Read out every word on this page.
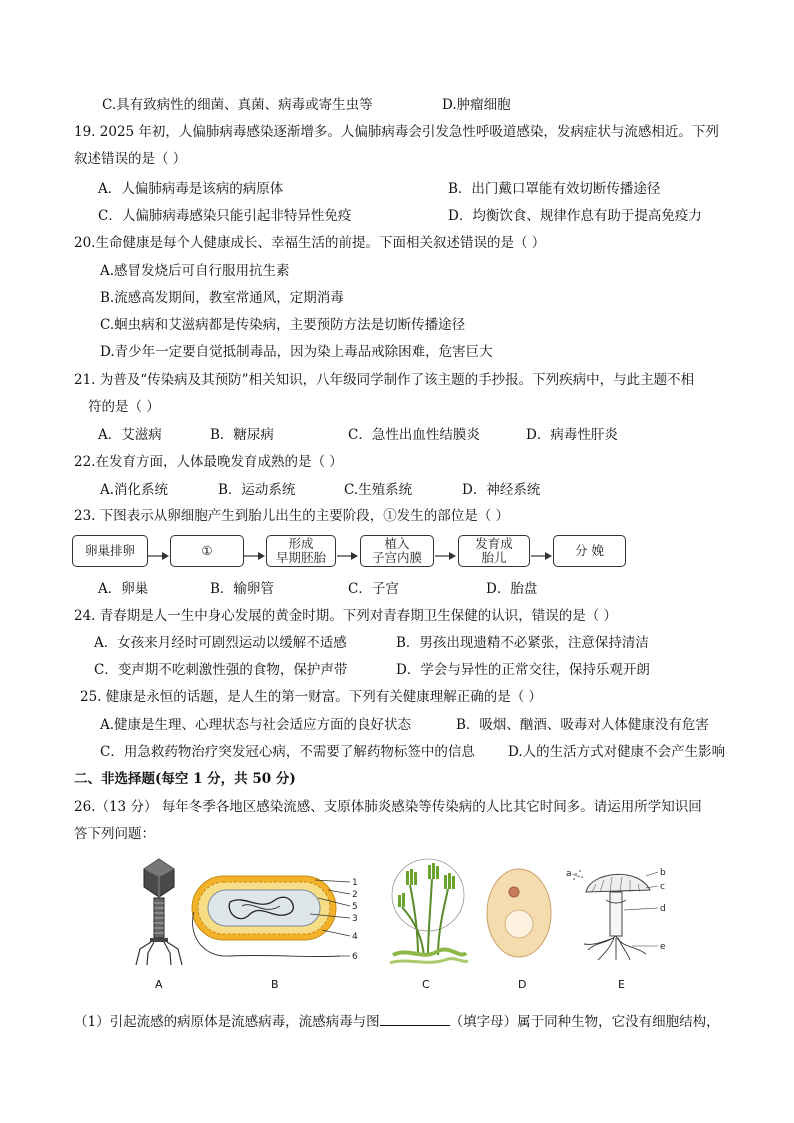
C.具有致病性的细菌、真菌、病毒或寄生虫等	D.肿瘤细胞
19. 2025 年初，人偏肺病毒感染逐渐增多。人偏肺病毒会引发急性呼吸道感染，发病症状与流感相近。下列
叙述错误的是（ ）
A．人偏肺病毒是该病的病原体	B．出门戴口罩能有效切断传播途径
C．人偏肺病毒感染只能引起非特异性免疫	D．均衡饮食、规律作息有助于提高免疫力
20.生命健康是每个人健康成长、幸福生活的前提。下面相关叙述错误的是（ ）
A.感冒发烧后可自行服用抗生素
B.流感高发期间，教室常通风，定期消毒
C.蛔虫病和艾滋病都是传染病，主要预防方法是切断传播途径
D.青少年一定要自觉抵制毒品，因为染上毒品戒除困难，危害巨大
21. 为普及“传染病及其预防”相关知识，八年级同学制作了该主题的手抄报。下列疾病中，与此主题不相
符的是（ ）
A．艾滋病	B．糖尿病	C．急性出血性结膜炎	D．病毒性肝炎
22.在发育方面，人体最晚发育成熟的是（ ）
A.消化系统	B．运动系统	C.生殖系统	D．神经系统
23. 下图表示从卵细胞产生到胎儿出生的主要阶段，①发生的部位是（ ）
卵巢排卵	①	形成
早期胚胎
植入
子宫内膜
发育成
胎儿	分 娩
A．卵巢	B．输卵管	C．子宫	D．胎盘
24. 青春期是人一生中身心发展的黄金时期。下列对青春期卫生保健的认识，错误的是（ ）
A．女孩来月经时可剧烈运动以缓解不适感	B．男孩出现遗精不必紧张，注意保持清洁
C．变声期不吃刺激性强的食物，保护声带	D．学会与异性的正常交往，保持乐观开朗
25. 健康是永恒的话题，是人生的第一财富。下列有关健康理解正确的是（ ）
A.健康是生理、心理状态与社会适应方面的良好状态	B．吸烟、酗酒、吸毒对人体健康没有危害
C．用急救药物治疗突发冠心病，不需要了解药物标签中的信息 D.人的生活方式对健康不会产生影响
二、非选择题(每空 1 分，共 50 分)
26.（13 分） 每年冬季各地区感染流感、支原体肺炎感染等传染病的人比其它时间多。请运用所学知识回
答下列问题：
A
1
2
5
3
4
6
B	C	D
a	b
c
d
e
E
（1）引起流感的病原体是流感病毒，流感病毒与图	（填字母）属于同种生物，它没有细胞结构，
